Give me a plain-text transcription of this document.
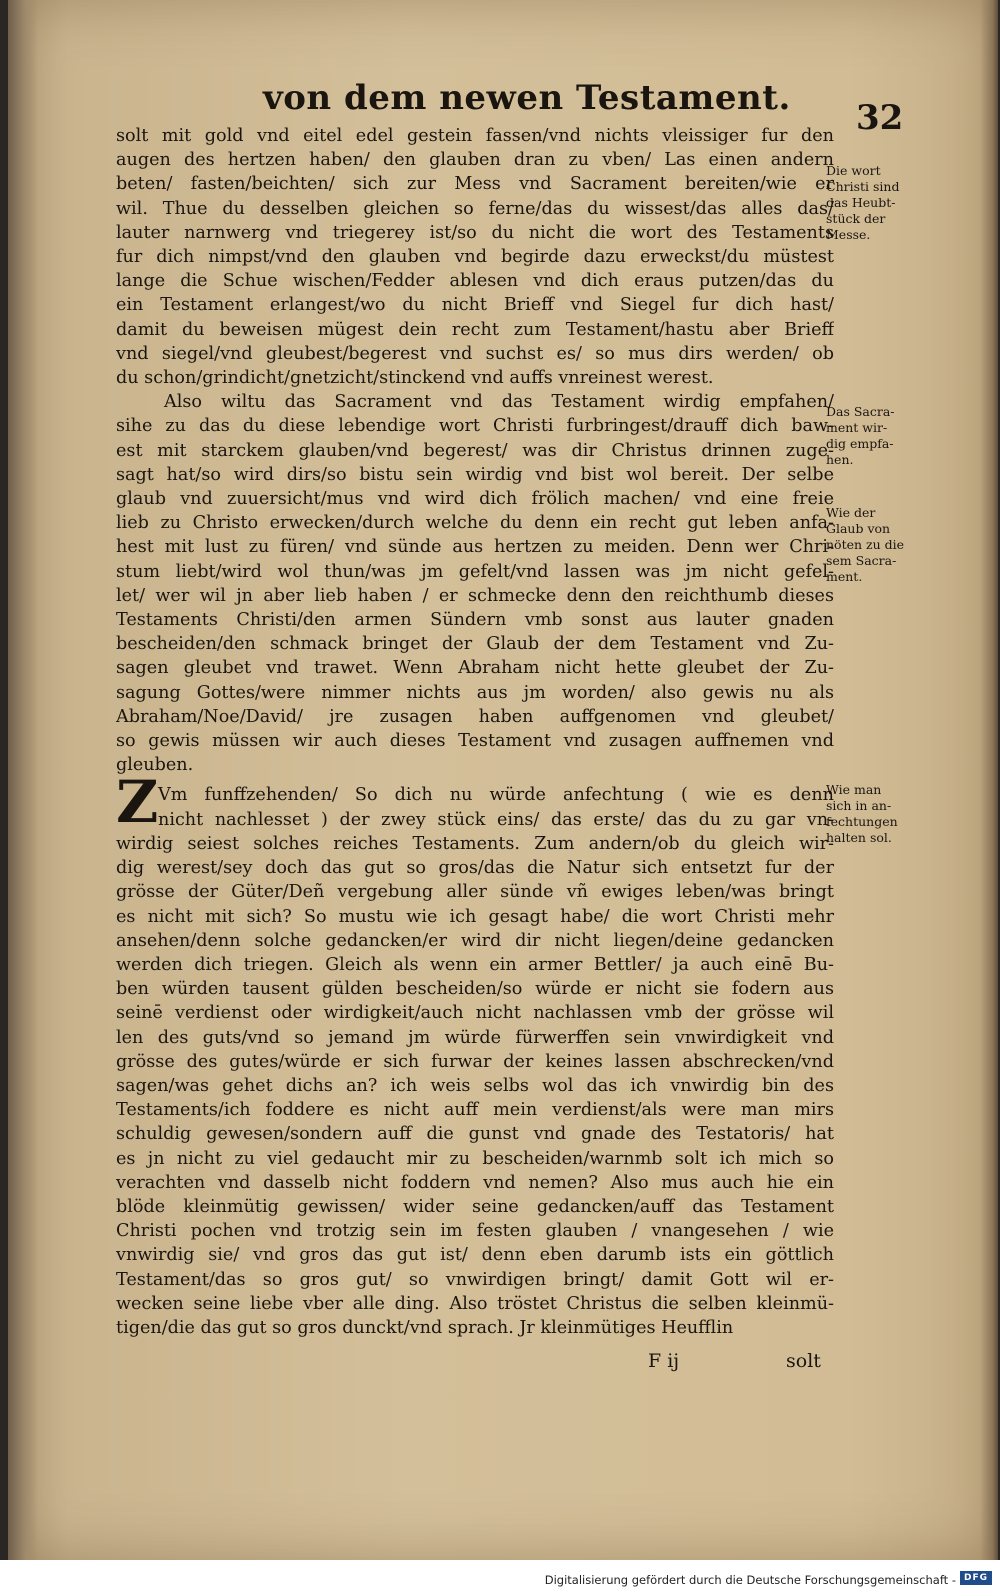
von dem newen Testament. 32
Z
solt mit gold vnd eitel edel gestein fassen/vnd nichts vleissiger fur den
augen des hertzen haben/ den glauben dran zu vben/ Las einen andern
beten/ fasten/beichten/ sich zur Mess vnd Sacrament bereiten/wie er
wil. Thue du desselben gleichen so ferne/das du wissest/das alles das/
lauter narnwerg vnd triegerey ist/so du nicht die wort des Testaments
fur dich nimpst/vnd den glauben vnd begirde dazu erweckst/du müstest
lange die Schue wischen/Fedder ablesen vnd dich eraus putzen/das du
ein Testament erlangest/wo du nicht Brieff vnd Siegel fur dich hast/
damit du beweisen mügest dein recht zum Testament/hastu aber Brieff
vnd siegel/vnd gleubest/begerest vnd suchst es/ so mus dirs werden/ ob
du schon/grindicht/gnetzicht/stinckend vnd auffs vnreinest werest.
Also wiltu das Sacrament vnd das Testament wirdig empfahen/
sihe zu das du diese lebendige wort Christi furbringest/drauff dich baw-
est mit starckem glauben/vnd begerest/ was dir Christus drinnen zuge-
sagt hat/so wird dirs/so bistu sein wirdig vnd bist wol bereit. Der selbe
glaub vnd zuuersicht/mus vnd wird dich frölich machen/ vnd eine freie
lieb zu Christo erwecken/durch welche du denn ein recht gut leben anfa-
hest mit lust zu füren/ vnd sünde aus hertzen zu meiden. Denn wer Chri-
stum liebt/wird wol thun/was jm gefelt/vnd lassen was jm nicht gefel-
let/ wer wil jn aber lieb haben / er schmecke denn den reichthumb dieses
Testaments Christi/den armen Sündern vmb sonst aus lauter gnaden
bescheiden/den schmack bringet der Glaub der dem Testament vnd Zu-
sagen gleubet vnd trawet. Wenn Abraham nicht hette gleubet der Zu-
sagung Gottes/were nimmer nichts aus jm worden/ also gewis nu als
Abraham/Noe/David/ jre zusagen haben auffgenomen vnd gleubet/
so gewis müssen wir auch dieses Testament vnd zusagen auffnemen vnd
gleuben.
Vm funffzehenden/ So dich nu würde anfechtung ( wie es denn
nicht nachlesset ) der zwey stück eins/ das erste/ das du zu gar vn-
wirdig seiest solches reiches Testaments. Zum andern/ob du gleich wir-
dig werest/sey doch das gut so gros/das die Natur sich entsetzt fur der
grösse der Güter/Deñ vergebung aller sünde vñ ewiges leben/was bringt
es nicht mit sich? So mustu wie ich gesagt habe/ die wort Christi mehr
ansehen/denn solche gedancken/er wird dir nicht liegen/deine gedancken
werden dich triegen. Gleich als wenn ein armer Bettler/ ja auch einē Bu-
ben würden tausent gülden bescheiden/so würde er nicht sie fodern aus
seinē verdienst oder wirdigkeit/auch nicht nachlassen vmb der grösse wil
len des guts/vnd so jemand jm würde fürwerffen sein vnwirdigkeit vnd
grösse des gutes/würde er sich furwar der keines lassen abschrecken/vnd
sagen/was gehet dichs an? ich weis selbs wol das ich vnwirdig bin des
Testaments/ich foddere es nicht auff mein verdienst/als were man mirs
schuldig gewesen/sondern auff die gunst vnd gnade des Testatoris/ hat
es jn nicht zu viel gedaucht mir zu bescheiden/warnmb solt ich mich so
verachten vnd dasselb nicht foddern vnd nemen? Also mus auch hie ein
blöde kleinmütig gewissen/ wider seine gedancken/auff das Testament
Christi pochen vnd trotzig sein im festen glauben / vnangesehen / wie
vnwirdig sie/ vnd gros das gut ist/ denn eben darumb ists ein göttlich
Testament/das so gros gut/ so vnwirdigen bringt/ damit Gott wil er-
wecken seine liebe vber alle ding. Also tröstet Christus die selben kleinmü-
tigen/die das gut so gros dunckt/vnd sprach. Jr kleinmütiges Heufflin
Die wort
Christi sind
das Heubt-
stück der
Messe.
Das Sacra-
ment wir-
dig empfa-
hen.
Wie der
Glaub von
nöten zu die
sem Sacra-
ment.
Wie man
sich in an-
fechtungen
halten sol.
F ij	solt
Digitalisierung gefördert durch die Deutsche Forschungsgemeinschaft - DFG
